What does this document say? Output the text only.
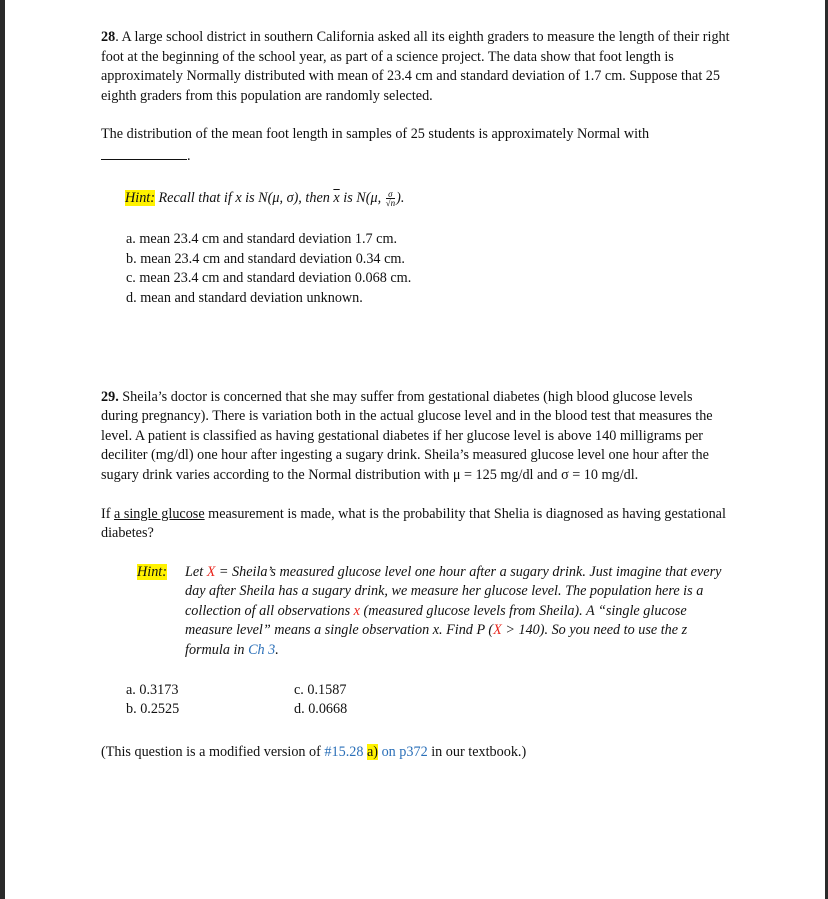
28. A large school district in southern California asked all its eighth graders to measure the length of their right foot at the beginning of the school year, as part of a science project. The data show that foot length is approximately Normally distributed with mean of 23.4 cm and standard deviation of 1.7 cm. Suppose that 25 eighth graders from this population are randomly selected.

The distribution of the mean foot length in samples of 25 students is approximately Normal with

.

Hint: Recall that if x is N(μ, σ), then $\overline{x}$ is N(μ, $\frac{\sigma}{√n}$ ).

a. mean 23.4 cm and standard deviation 1.7 cm.
b. mean 23.4 cm and standard deviation 0.34 cm.
c. mean 23.4 cm and standard deviation 0.068 cm.
d. mean and standard deviation unknown.

29. Sheila’s doctor is concerned that she may suffer from gestational diabetes (high blood glucose levels during pregnancy). There is variation both in the actual glucose level and in the blood test that measures the level. A patient is classified as having gestational diabetes if her glucose level is above 140 milligrams per deciliter (mg/dl) one hour after ingesting a sugary drink. Sheila’s measured glucose level one hour after the sugary drink varies according to the Normal distribution with μ = 125 mg/dl and σ = 10 mg/dl.

If a single glucose measurement is made, what is the probability that Shelia is diagnosed as having gestational diabetes?

Hint:	Let X = Sheila’s measured glucose level one hour after a sugary drink. Just imagine that every day after Sheila has a sugary drink, we measure her glucose level. The population here is a collection of all observations x (measured glucose levels from Sheila). A “single glucose measure level” means a single observation x. Find P (X > 140). So you need to use the z formula in Ch 3.
a. 0.3173	c. 0.1587
b. 0.2525	d. 0.0668

(This question is a modified version of #15.28 a) on p372 in our textbook.)
